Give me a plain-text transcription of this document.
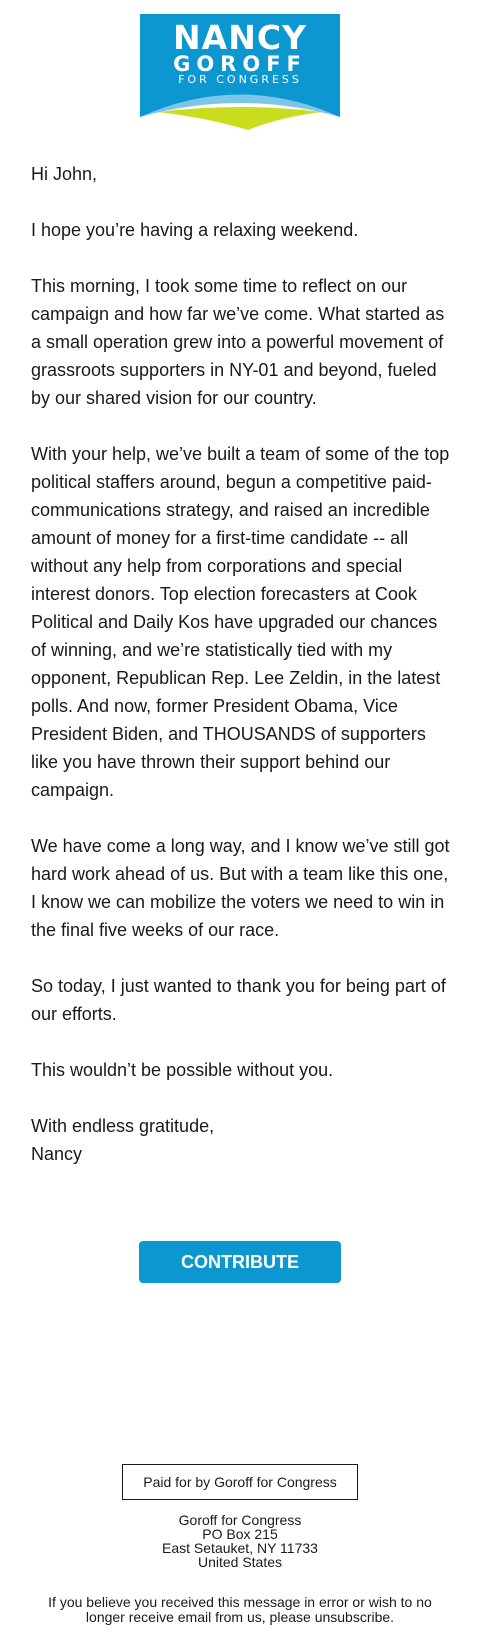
NANCY
GOROFF
FOR CONGRESS

Hi John,

I hope you’re having a relaxing weekend.

This morning, I took some time to reflect on our campaign and how far we’ve come. What started as a small operation grew into a powerful movement of grassroots supporters in NY-01 and beyond, fueled by our shared vision for our country.

With your help, we’ve built a team of some of the top political staffers around, begun a competitive paid-communications strategy, and raised an incredible amount of money for a first-time candidate -- all without any help from corporations and special interest donors. Top election forecasters at Cook Political and Daily Kos have upgraded our chances of winning, and we’re statistically tied with my opponent, Republican Rep. Lee Zeldin, in the latest polls. And now, former President Obama, Vice President Biden, and THOUSANDS of supporters like you have thrown their support behind our campaign.

We have come a long way, and I know we’ve still got hard work ahead of us. But with a team like this one, I know we can mobilize the voters we need to win in the final five weeks of our race.

So today, I just wanted to thank you for being part of our efforts.

This wouldn’t be possible without you.

With endless gratitude,
Nancy

CONTRIBUTE
Paid for by Goroff for Congress
Goroff for Congress
PO Box 215
East Setauket, NY 11733
United States
If you believe you received this message in error or wish to no longer receive email from us, please unsubscribe.
